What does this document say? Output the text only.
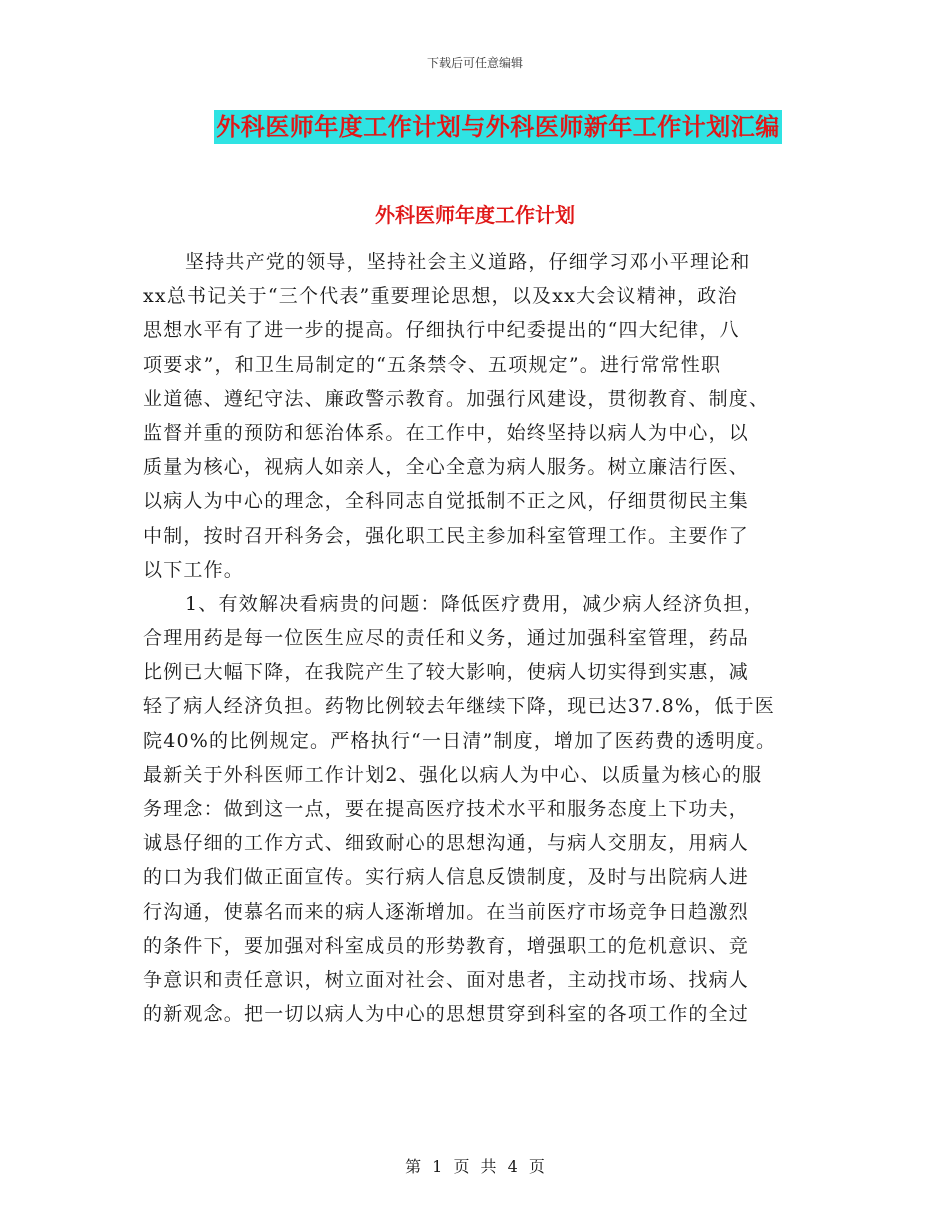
下载后可任意编辑
外科医师年度工作计划与外科医师新年工作计划汇编
外科医师年度工作计划
坚持共产党的领导，坚持社会主义道路，仔细学习邓小平理论和
xx总书记关于“三个代表”重要理论思想，以及xx大会议精神，政治
思想水平有了进一步的提高。仔细执行中纪委提出的“四大纪律，八
项要求”，和卫生局制定的“五条禁令、五项规定”。进行常常性职
业道德、遵纪守法、廉政警示教育。加强行风建设，贯彻教育、制度、
监督并重的预防和惩治体系。在工作中，始终坚持以病人为中心，以
质量为核心，视病人如亲人，全心全意为病人服务。树立廉洁行医、
以病人为中心的理念，全科同志自觉抵制不正之风，仔细贯彻民主集
中制，按时召开科务会，强化职工民主参加科室管理工作。主要作了
以下工作。
1、有效解决看病贵的问题：降低医疗费用，减少病人经济负担，
合理用药是每一位医生应尽的责任和义务，通过加强科室管理，药品
比例已大幅下降，在我院产生了较大影响，使病人切实得到实惠，减
轻了病人经济负担。药物比例较去年继续下降，现已达37.8%，低于医
院40%的比例规定。严格执行“一日清”制度，增加了医药费的透明度。
最新关于外科医师工作计划2、强化以病人为中心、以质量为核心的服
务理念：做到这一点，要在提高医疗技术水平和服务态度上下功夫，
诚恳仔细的工作方式、细致耐心的思想沟通，与病人交朋友，用病人
的口为我们做正面宣传。实行病人信息反馈制度，及时与出院病人进
行沟通，使慕名而来的病人逐渐增加。在当前医疗市场竞争日趋激烈
的条件下，要加强对科室成员的形势教育，增强职工的危机意识、竞
争意识和责任意识，树立面对社会、面对患者，主动找市场、找病人
的新观念。把一切以病人为中心的思想贯穿到科室的各项工作的全过
第 1 页 共 4 页
